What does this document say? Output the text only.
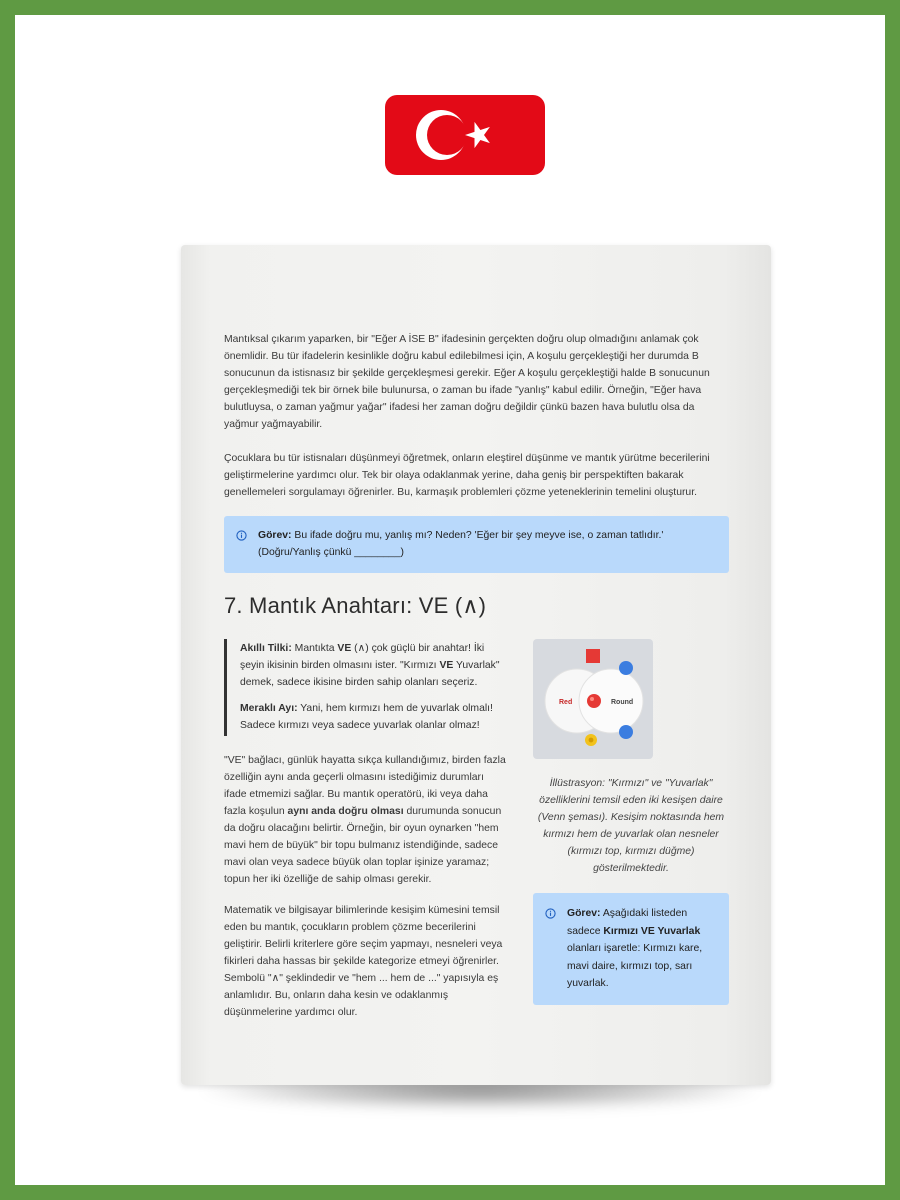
Mantıksal çıkarım yaparken, bir "Eğer A İSE B" ifadesinin gerçekten doğru olup olmadığını anlamak çok önemlidir. Bu tür ifadelerin kesinlikle doğru kabul edilebilmesi için, A koşulu gerçekleştiği her durumda B sonucunun da istisnasız bir şekilde gerçekleşmesi gerekir. Eğer A koşulu gerçekleştiği halde B sonucunun gerçekleşmediği tek bir örnek bile bulunursa, o zaman bu ifade "yanlış" kabul edilir. Örneğin, "Eğer hava bulutluysa, o zaman yağmur yağar" ifadesi her zaman doğru değildir çünkü bazen hava bulutlu olsa da yağmur yağmayabilir.

Çocuklara bu tür istisnaları düşünmeyi öğretmek, onların eleştirel düşünme ve mantık yürütme becerilerini geliştirmelerine yardımcı olur. Tek bir olaya odaklanmak yerine, daha geniş bir perspektiften bakarak genellemeleri sorgulamayı öğrenirler. Bu, karmaşık problemleri çözme yeteneklerinin temelini oluşturur.

Görev: Bu ifade doğru mu, yanlış mı? Neden? 'Eğer bir şey meyve ise, o zaman tatlıdır.' (Doğru/Yanlış çünkü ________)
7. Mantık Anahtarı: VE (∧)

Akıllı Tilki: Mantıkta VE (∧) çok güçlü bir anahtar! İki şeyin ikisinin birden olmasını ister. "Kırmızı VE Yuvarlak" demek, sadece ikisine birden sahip olanları seçeriz.

Meraklı Ayı: Yani, hem kırmızı hem de yuvarlak olmalı! Sadece kırmızı veya sadece yuvarlak olanlar olmaz!

"VE" bağlacı, günlük hayatta sıkça kullandığımız, birden fazla özelliğin aynı anda geçerli olmasını istediğimiz durumları ifade etmemizi sağlar. Bu mantık operatörü, iki veya daha fazla koşulun aynı anda doğru olması durumunda sonucun da doğru olacağını belirtir. Örneğin, bir oyun oynarken "hem mavi hem de büyük" bir topu bulmanız istendiğinde, sadece mavi olan veya sadece büyük olan toplar işinize yaramaz; topun her iki özelliğe de sahip olması gerekir.

Matematik ve bilgisayar bilimlerinde kesişim kümesini temsil eden bu mantık, çocukların problem çözme becerilerini geliştirir. Belirli kriterlere göre seçim yapmayı, nesneleri veya fikirleri daha hassas bir şekilde kategorize etmeyi öğrenirler. Sembolü "∧" şeklindedir ve "hem ... hem de ..." yapısıyla eş anlamlıdır. Bu, onların daha kesin ve odaklanmış düşünmelerine yardımcı olur.

Red	Round

İllüstrasyon: "Kırmızı" ve "Yuvarlak" özelliklerini temsil eden iki kesişen daire (Venn şeması). Kesişim noktasında hem kırmızı hem de yuvarlak olan nesneler (kırmızı top, kırmızı düğme) gösterilmektedir.

Görev: Aşağıdaki listeden sadece Kırmızı VE Yuvarlak olanları işaretle: Kırmızı kare, mavi daire, kırmızı top, sarı yuvarlak.
